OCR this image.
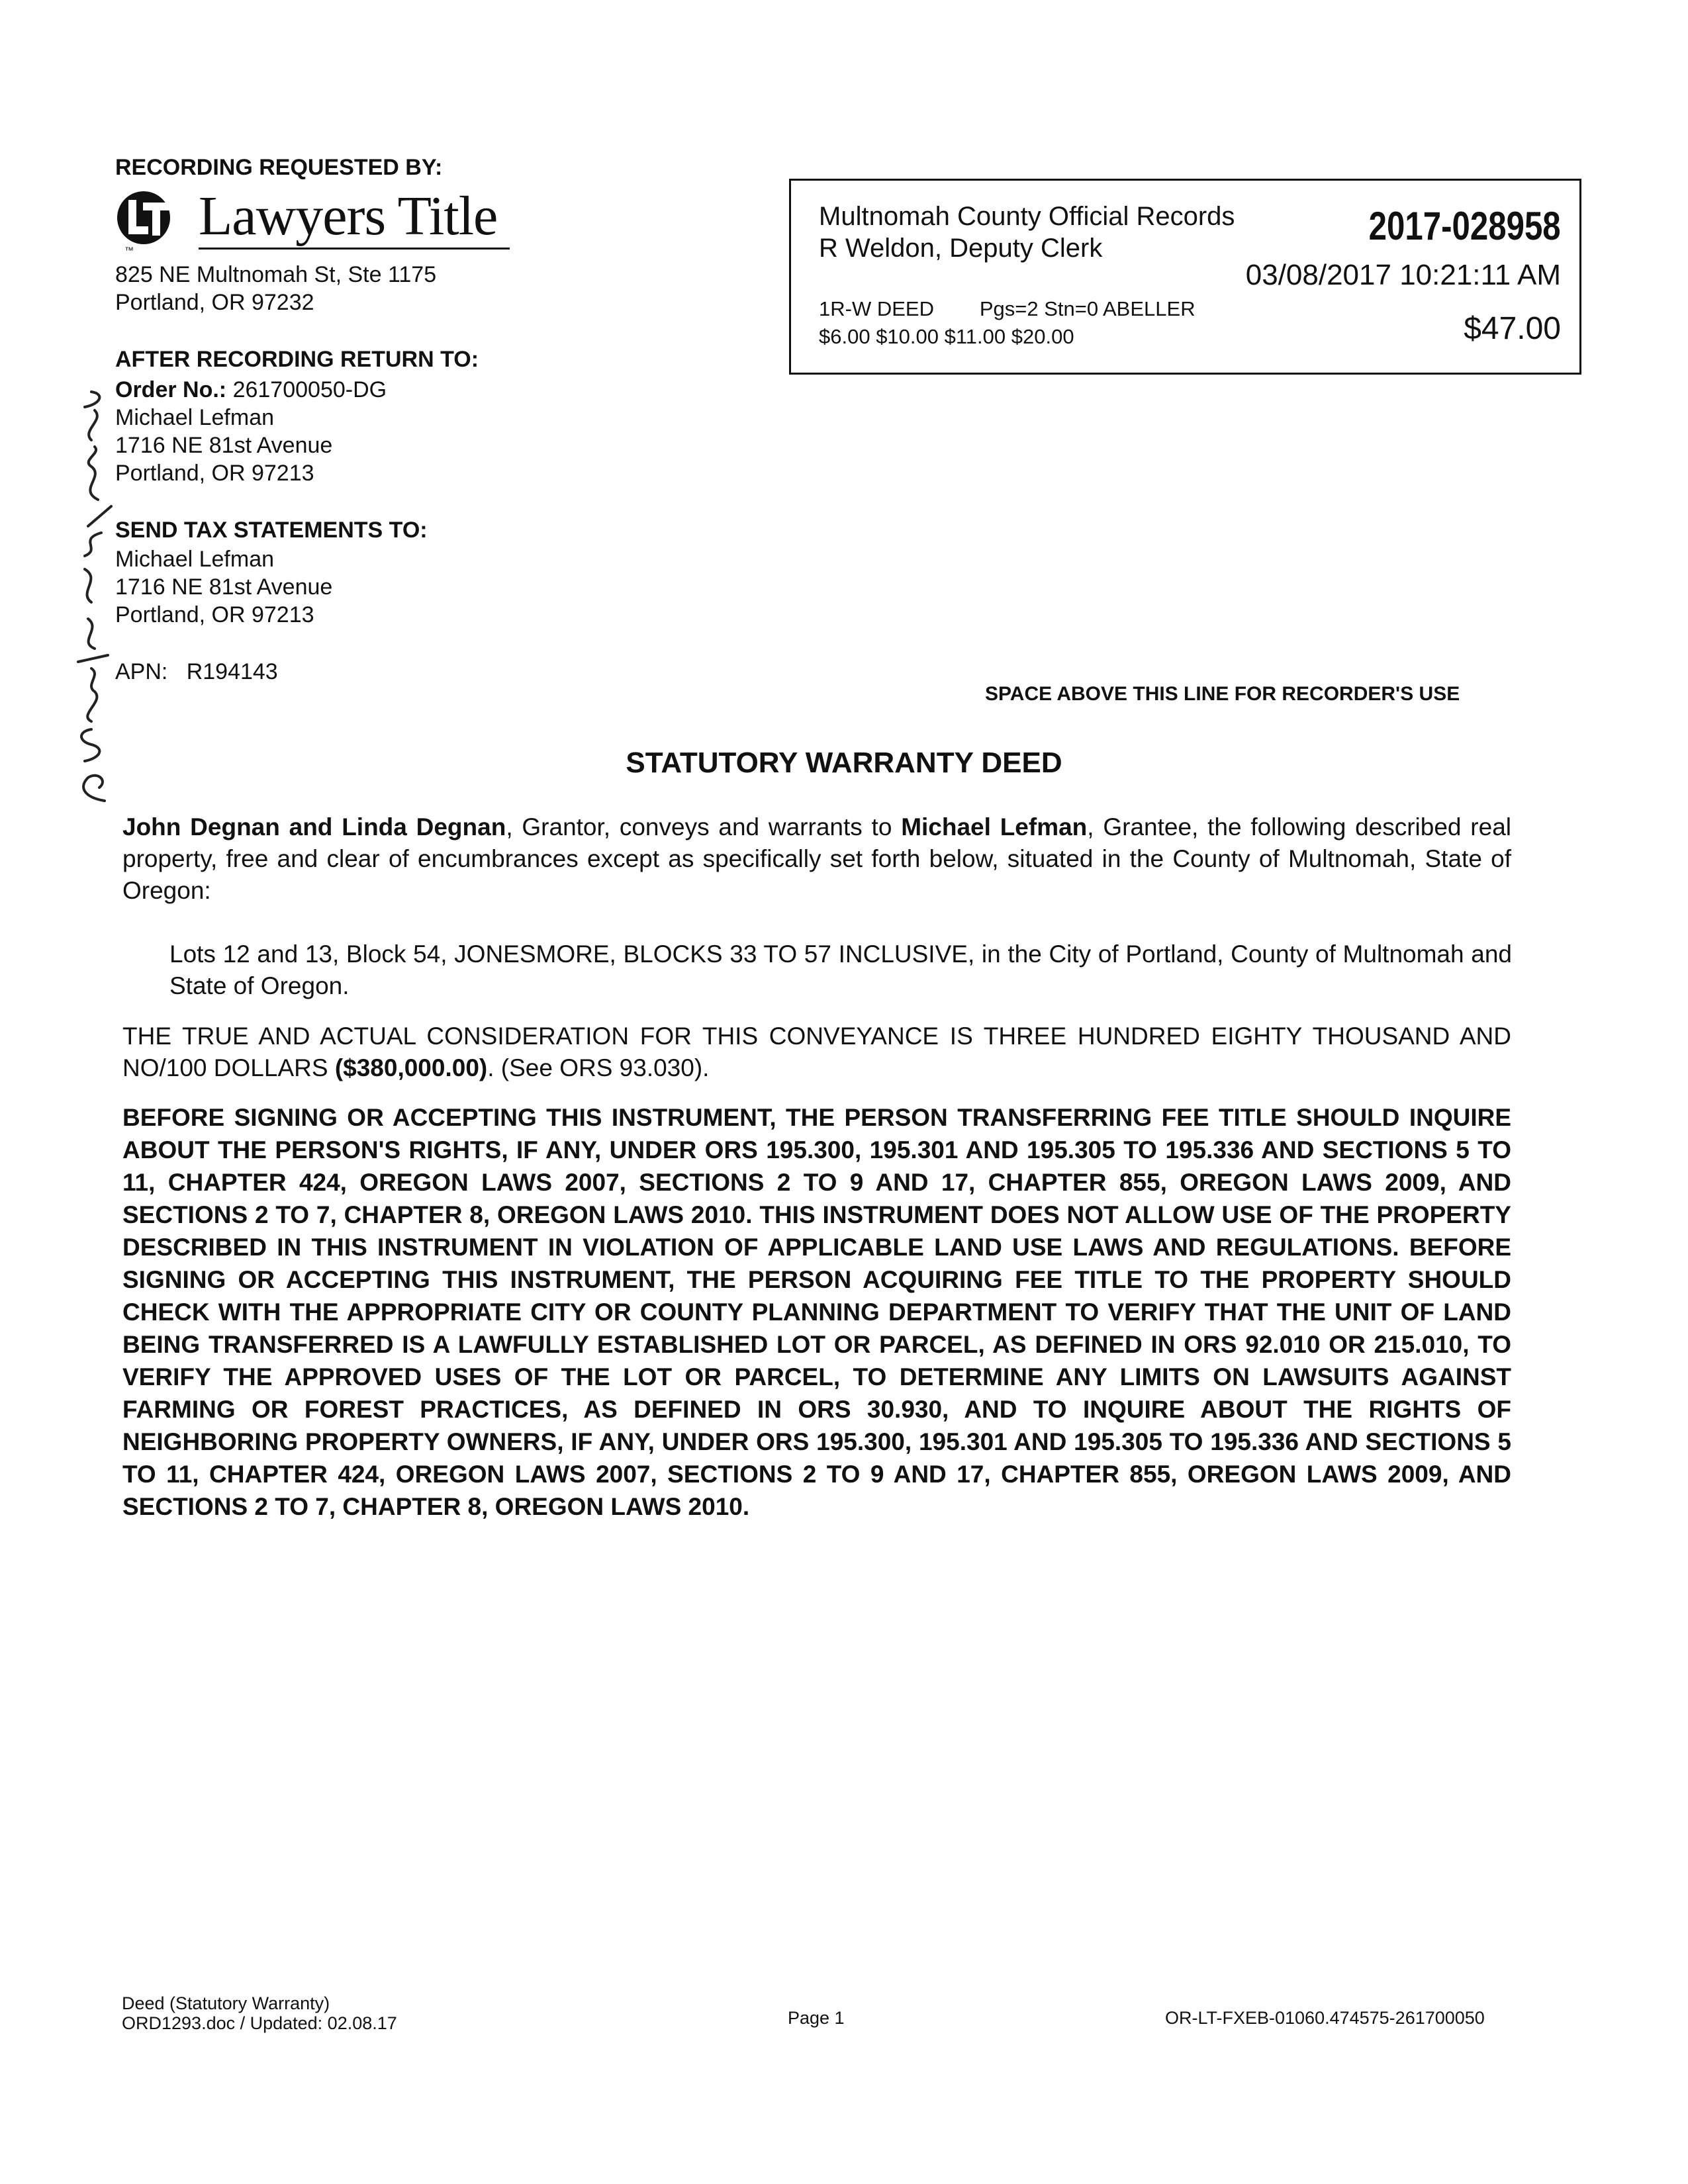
RECORDING REQUESTED BY:
™
Lawyers Title
825 NE Multnomah St, Ste 1175
Portland, OR 97232
AFTER RECORDING RETURN TO:
Order No.: 261700050-DG
Michael Lefman
1716 NE 81st Avenue
Portland, OR 97213
SEND TAX STATEMENTS TO:
Michael Lefman
1716 NE 81st Avenue
Portland, OR 97213
APN: R194143
Multnomah County Official Records
R Weldon, Deputy Clerk	2017-028958
03/08/2017 10:21:11 AM
1R-W DEED        Pgs=2 Stn=0 ABELLER
$6.00 $10.00 $11.00 $20.00	$47.00
SPACE ABOVE THIS LINE FOR RECORDER'S USE
STATUTORY WARRANTY DEED

John Degnan and Linda Degnan, Grantor, conveys and warrants to Michael Lefman, Grantee, the following described real property, free and clear of encumbrances except as specifically set forth below, situated in the County of Multnomah, State of Oregon:

Lots 12 and 13, Block 54, JONESMORE, BLOCKS 33 TO 57 INCLUSIVE, in the City of Portland, County of Multnomah and State of Oregon.

THE TRUE AND ACTUAL CONSIDERATION FOR THIS CONVEYANCE IS THREE HUNDRED EIGHTY THOUSAND AND NO/100 DOLLARS ($380,000.00). (See ORS 93.030).

BEFORE SIGNING OR ACCEPTING THIS INSTRUMENT, THE PERSON TRANSFERRING FEE TITLE SHOULD INQUIRE ABOUT THE PERSON'S RIGHTS, IF ANY, UNDER ORS 195.300, 195.301 AND 195.305 TO 195.336 AND SECTIONS 5 TO 11, CHAPTER 424, OREGON LAWS 2007, SECTIONS 2 TO 9 AND 17, CHAPTER 855, OREGON LAWS 2009, AND SECTIONS 2 TO 7, CHAPTER 8, OREGON LAWS 2010. THIS INSTRUMENT DOES NOT ALLOW USE OF THE PROPERTY DESCRIBED IN THIS INSTRUMENT IN VIOLATION OF APPLICABLE LAND USE LAWS AND REGULATIONS. BEFORE SIGNING OR ACCEPTING THIS INSTRUMENT, THE PERSON ACQUIRING FEE TITLE TO THE PROPERTY SHOULD CHECK WITH THE APPROPRIATE CITY OR COUNTY PLANNING DEPARTMENT TO VERIFY THAT THE UNIT OF LAND BEING TRANSFERRED IS A LAWFULLY ESTABLISHED LOT OR PARCEL, AS DEFINED IN ORS 92.010 OR 215.010, TO VERIFY THE APPROVED USES OF THE LOT OR PARCEL, TO DETERMINE ANY LIMITS ON LAWSUITS AGAINST FARMING OR FOREST PRACTICES, AS DEFINED IN ORS 30.930, AND TO INQUIRE ABOUT THE RIGHTS OF NEIGHBORING PROPERTY OWNERS, IF ANY, UNDER ORS 195.300, 195.301 AND 195.305 TO 195.336 AND SECTIONS 5 TO 11, CHAPTER 424, OREGON LAWS 2007, SECTIONS 2 TO 9 AND 17, CHAPTER 855, OREGON LAWS 2009, AND SECTIONS 2 TO 7, CHAPTER 8, OREGON LAWS 2010.

Deed (Statutory Warranty)
ORD1293.doc / Updated: 02.08.17	Page 1	OR-LT-FXEB-01060.474575-261700050
